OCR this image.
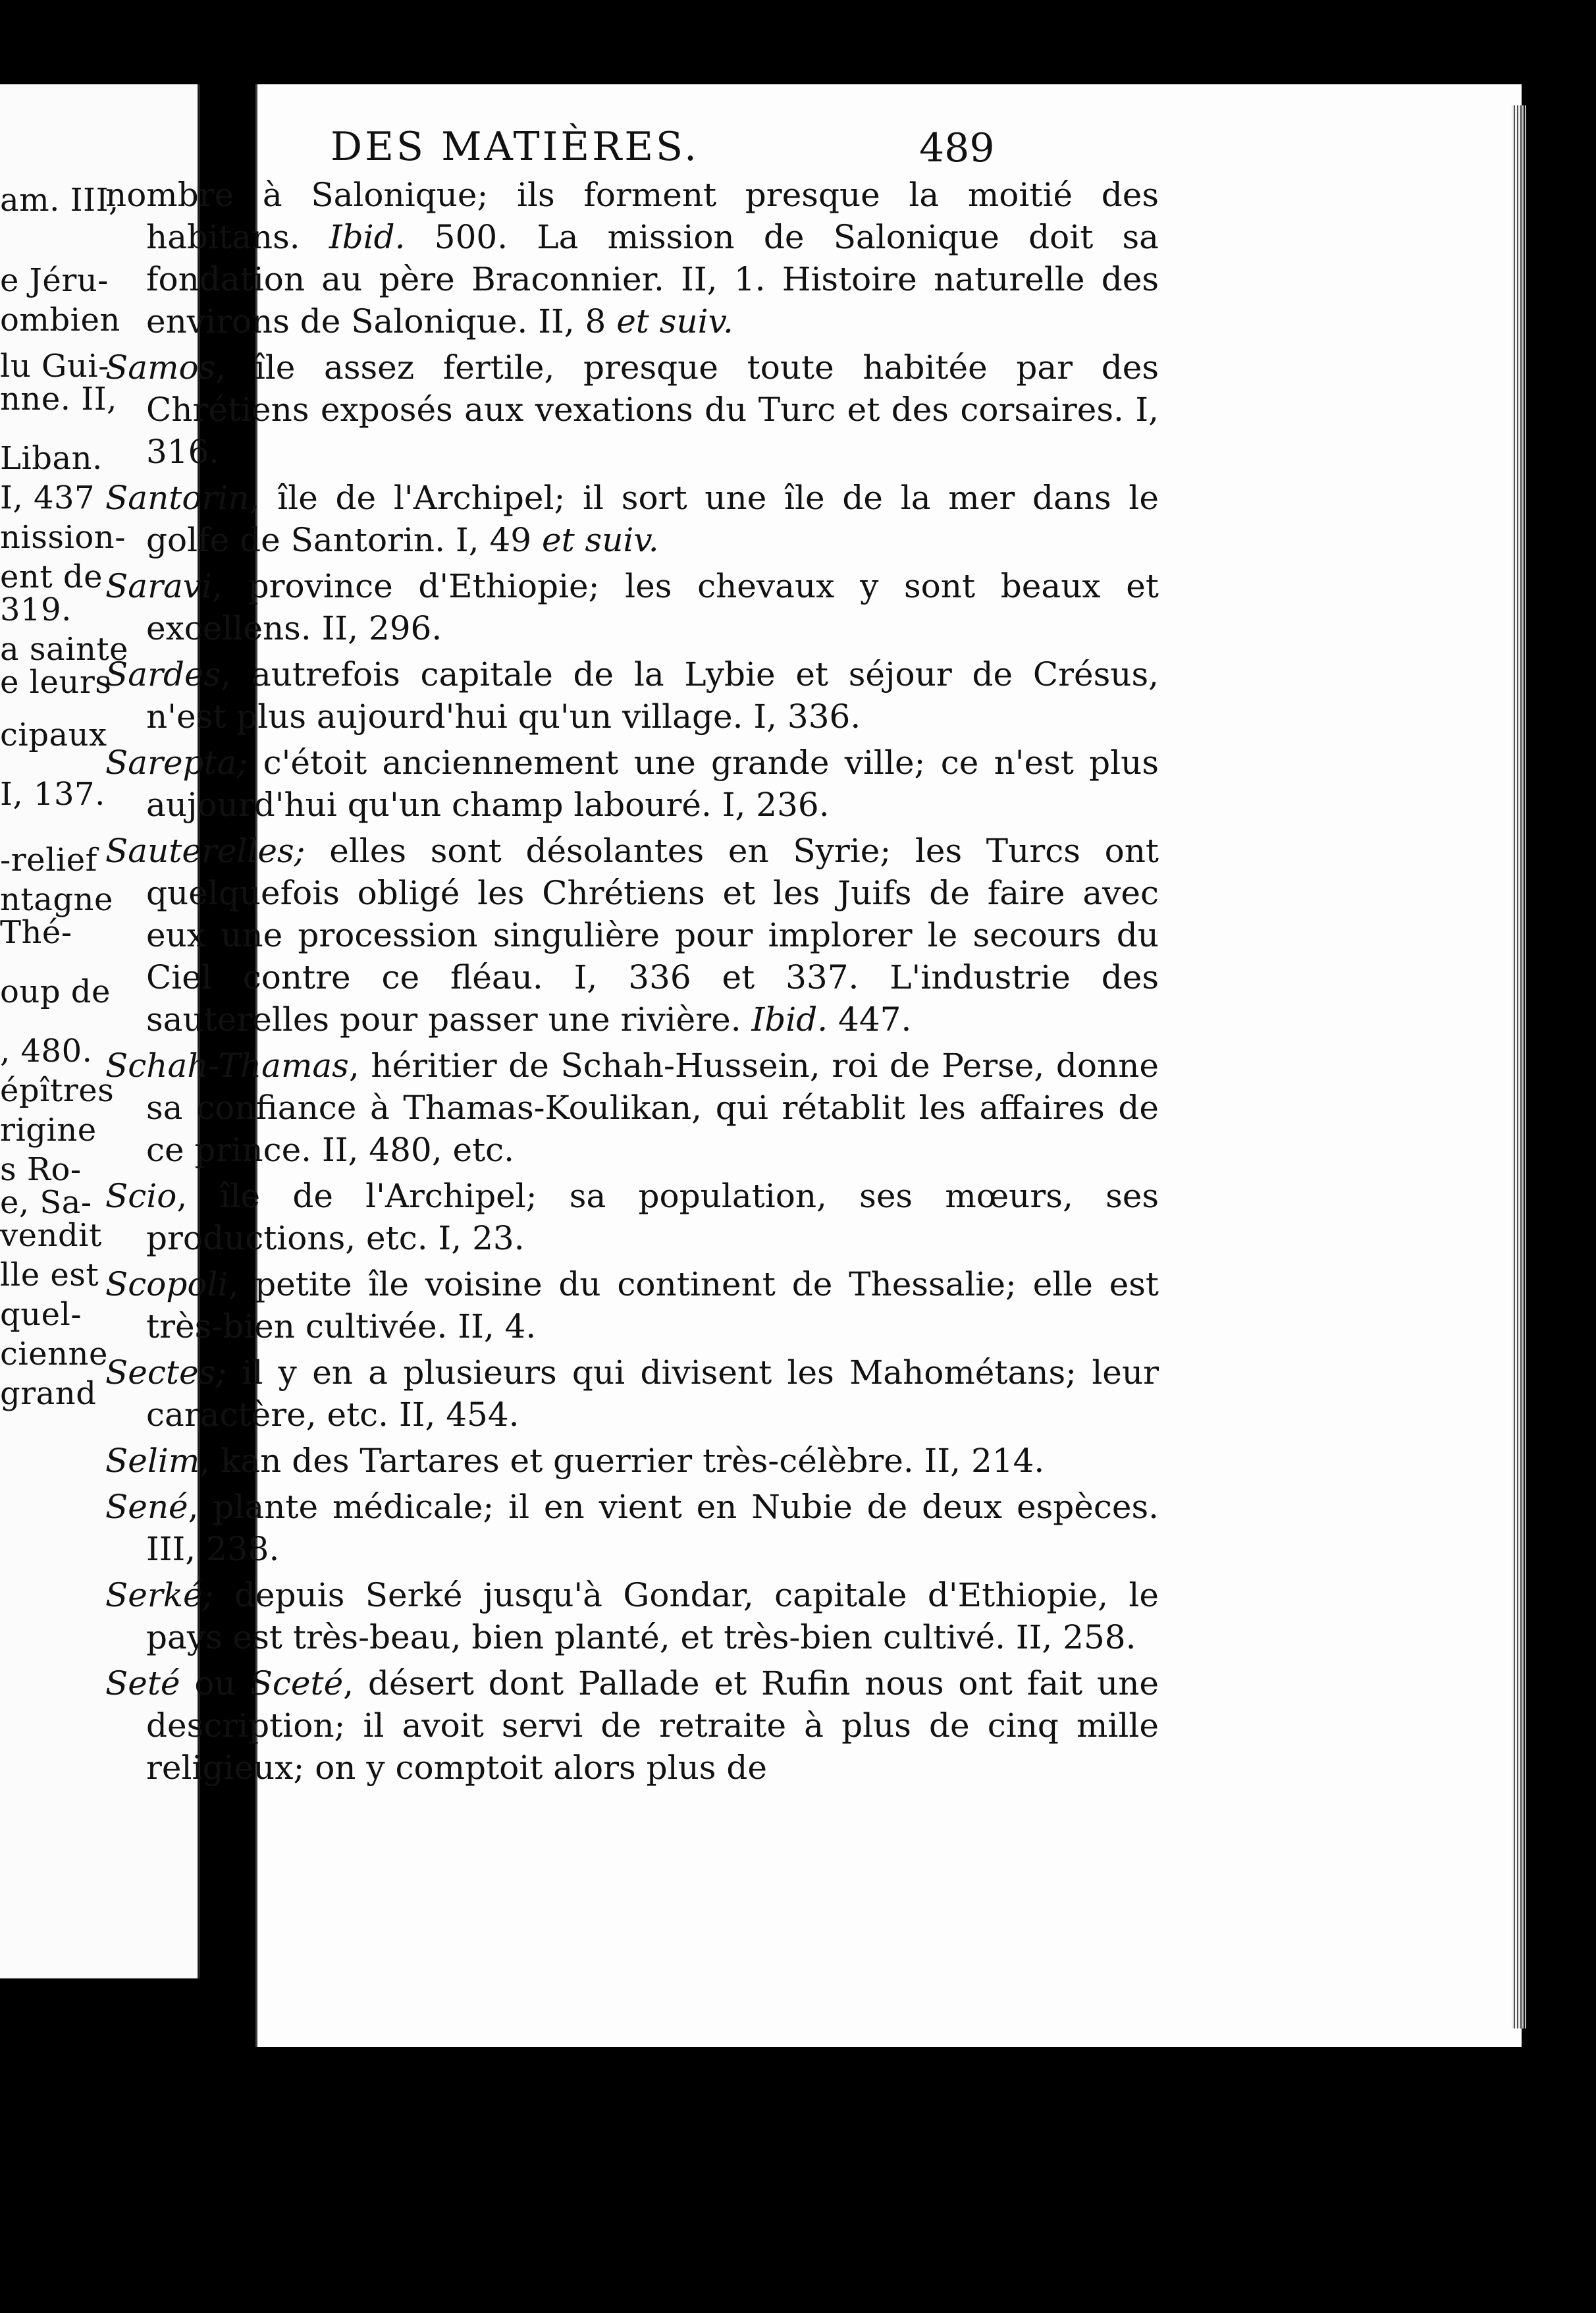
am. III,
e Jéru-
ombien
lu Gui-
nne. II,
Liban.
I, 437
nission-
ent de
319.
a sainte
e leurs
cipaux
I, 137.
-relief
ntagne
Thé-
oup de
, 480.
épîtres
rigine
s Ro-
e, Sa-
vendit
lle est
quel-
cienne
grand
DES MATIÈRES.	489

nombre à Salonique; ils forment presque la moitié des habitans. Ibid. 500. La mission de Salonique doit sa fondation au père Braconnier. II, 1. Histoire naturelle des environs de Salonique. II, 8 et suiv.

Samos, île assez fertile, presque toute habitée par des Chrétiens exposés aux vexations du Turc et des corsaires. I, 316.

Santorin, île de l'Archipel; il sort une île de la mer dans le golfe de Santorin. I, 49 et suiv.

Saravi, province d'Ethiopie; les chevaux y sont beaux et excellens. II, 296.

Sardes, autrefois capitale de la Lybie et séjour de Crésus, n'est plus aujourd'hui qu'un village. I, 336.

Sarepta; c'étoit anciennement une grande ville; ce n'est plus aujourd'hui qu'un champ labouré. I, 236.

Sauterelles; elles sont désolantes en Syrie; les Turcs ont quelquefois obligé les Chrétiens et les Juifs de faire avec eux une procession singulière pour implorer le secours du Ciel contre ce fléau. I, 336 et 337. L'industrie des sauterelles pour passer une rivière. Ibid. 447.

Schah-Thamas, héritier de Schah-Hussein, roi de Perse, donne sa confiance à Thamas-Koulikan, qui rétablit les affaires de ce prince. II, 480, etc.

Scio, île de l'Archipel; sa population, ses mœurs, ses productions, etc. I, 23.

Scopoli, petite île voisine du continent de Thessalie; elle est très-bien cultivée. II, 4.

Sectes; il y en a plusieurs qui divisent les Mahométans; leur caractère, etc. II, 454.

Selim, kan des Tartares et guerrier très-célèbre. II, 214.

Sené, plante médicale; il en vient en Nubie de deux espèces. III, 238.

Serké; depuis Serké jusqu'à Gondar, capitale d'Ethiopie, le pays est très-beau, bien planté, et très-bien cultivé. II, 258.

Seté ou Sceté, désert dont Pallade et Rufin nous ont fait une description; il avoit servi de retraite à plus de cinq mille religieux; on y comptoit alors plus de
